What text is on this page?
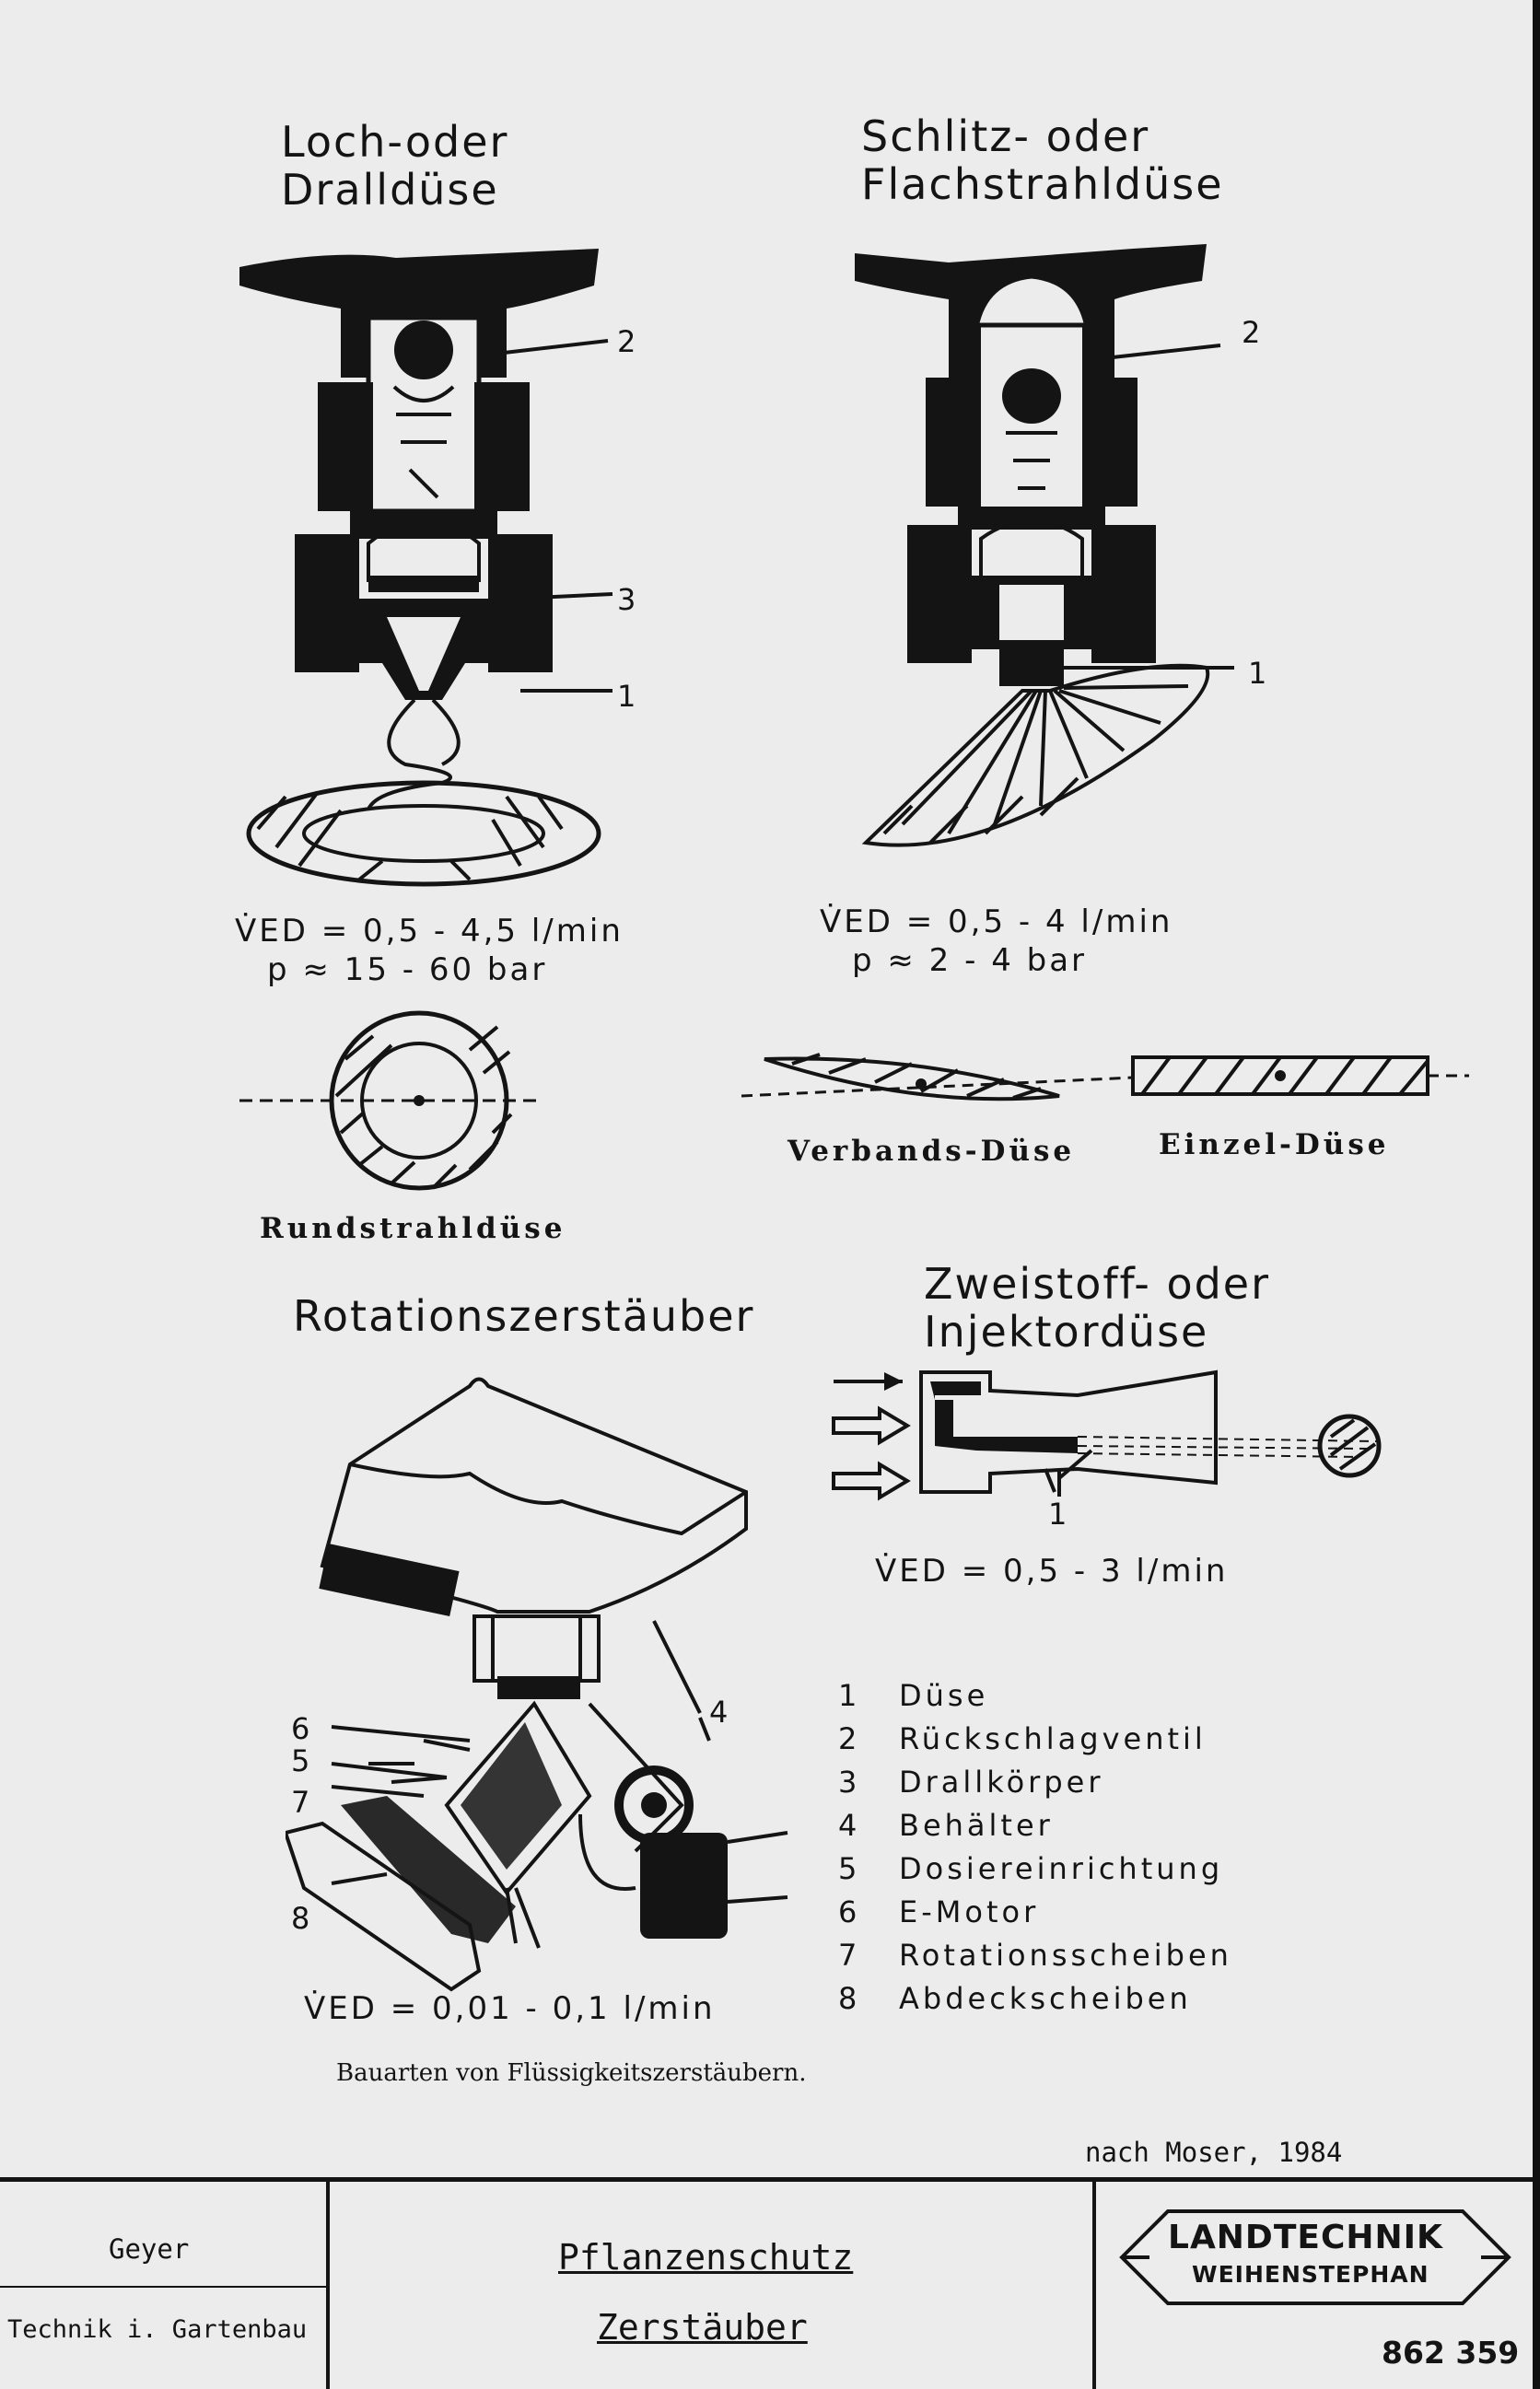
Loch-oder
Dralldüse
2
3
1
V̇ED = 0,5 - 4,5 l/min
p ≈ 15 - 60 bar
Schlitz- oder
Flachstrahldüse
2
1
V̇ED = 0,5 - 4 l/min
p ≈ 2 - 4 bar
Rundstrahldüse
Verbands-Düse	Einzel-Düse
Rotationszerstäuber
6
5
7
8
4
V̇ED = 0,01 - 0,1 l/min
Bauarten von Flüssigkeitszerstäubern.
Zweistoff- oder
Injektordüse
1
V̇ED = 0,5 - 3 l/min
1	Düse
2	Rückschlagventil
3	Drallkörper
4	Behälter
5	Dosiereinrichtung
6	E-Motor
7	Rotationsscheiben
8	Abdeckscheiben
nach Moser, 1984
Geyer
Technik i. Gartenbau
Pflanzenschutz
Zerstäuber
LANDTECHNIK
WEIHENSTEPHAN
862 359
